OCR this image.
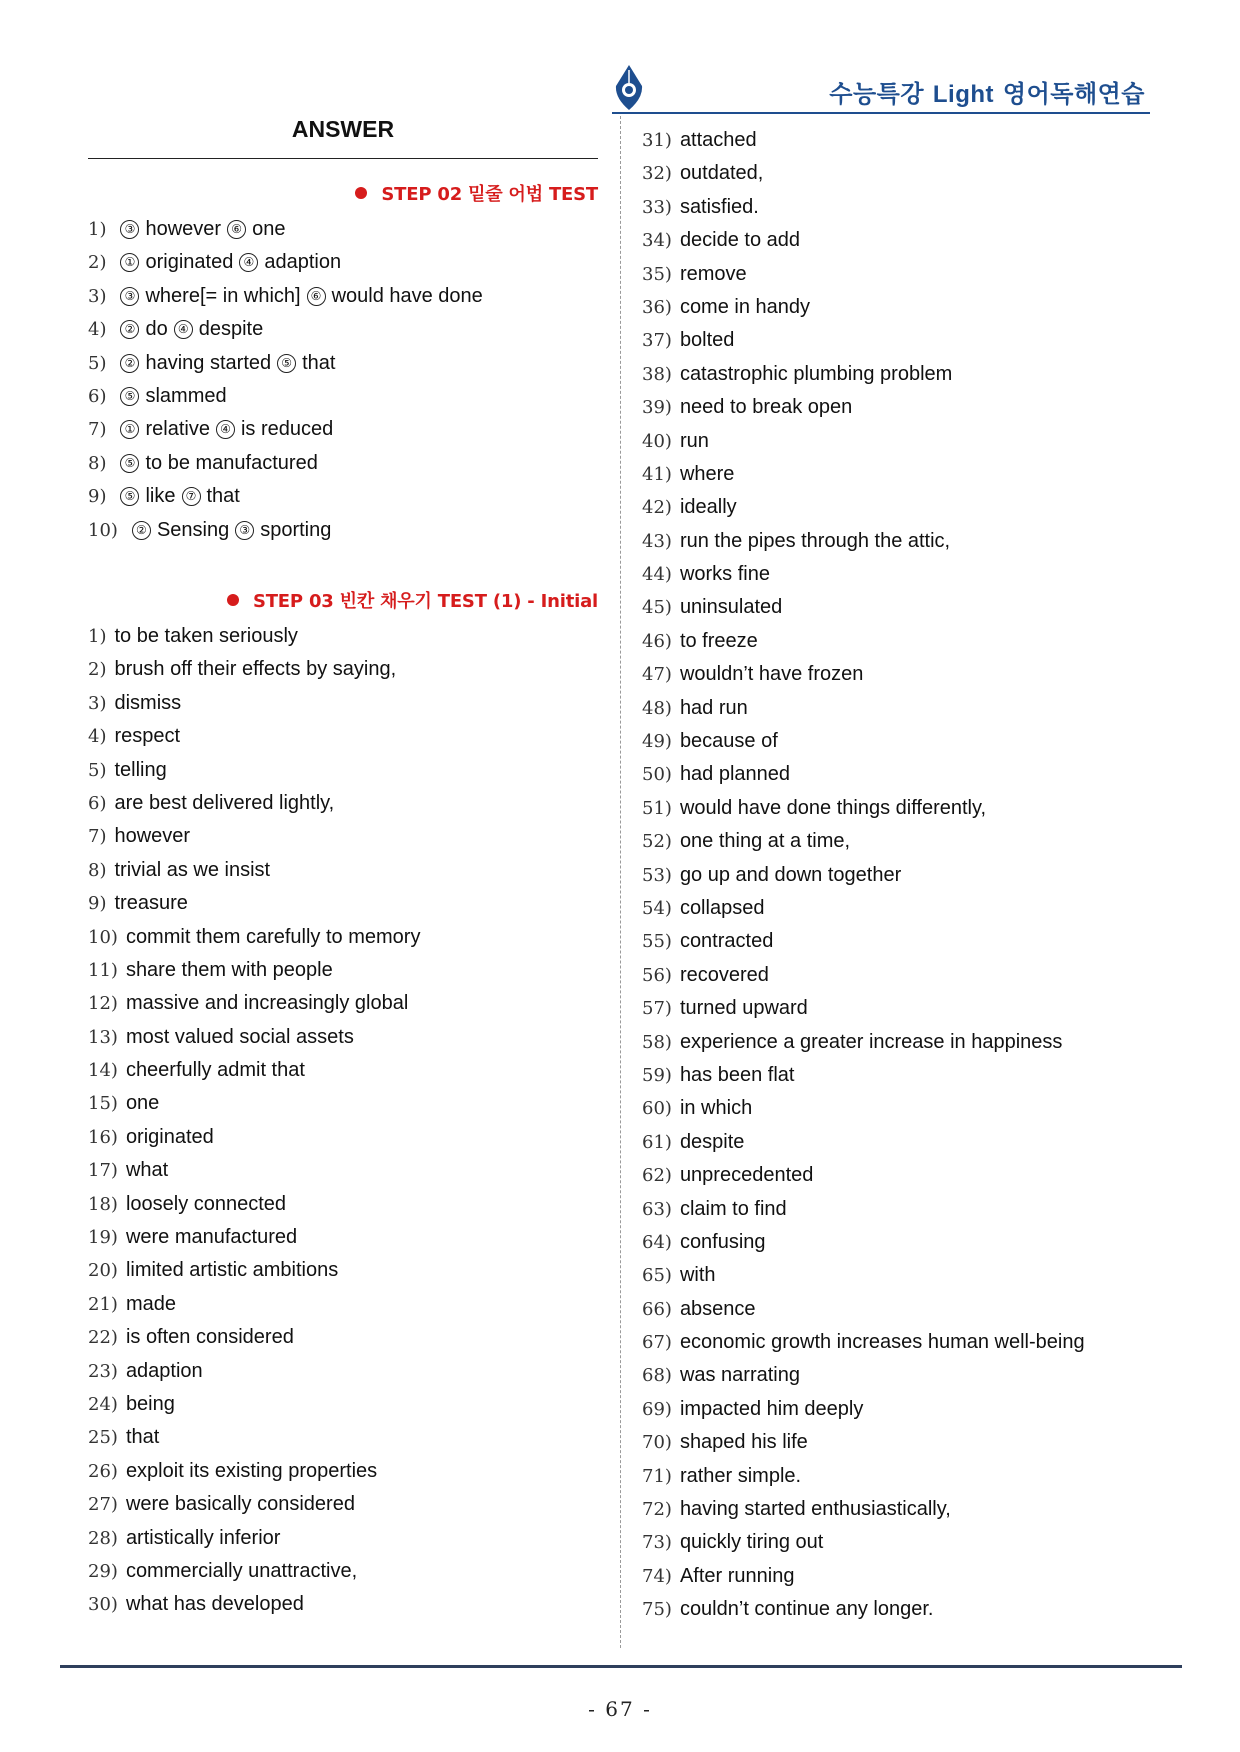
수능특강 Light 영어독해연습
ANSWER
STEP 02 밑줄 어법 TEST
1) ③ however ⑥ one
2) ① originated ④ adaption
3) ③ where[= in which] ⑥ would have done
4) ② do ④ despite
5) ② having started ⑤ that
6) ⑤ slammed
7) ① relative ④ is reduced
8) ⑤ to be manufactured
9) ⑤ like ⑦ that
10) ② Sensing ③ sporting
STEP 03 빈칸 채우기 TEST (1) - Initial
1) to be taken seriously
2) brush off their effects by saying,
3) dismiss
4) respect
5) telling
6) are best delivered lightly,
7) however
8) trivial as we insist
9) treasure
10) commit them carefully to memory
11) share them with people
12) massive and increasingly global
13) most valued social assets
14) cheerfully admit that
15) one
16) originated
17) what
18) loosely connected
19) were manufactured
20) limited artistic ambitions
21) made
22) is often considered
23) adaption
24) being
25) that
26) exploit its existing properties
27) were basically considered
28) artistically inferior
29) commercially unattractive,
30) what has developed
31) attached
32) outdated,
33) satisfied.
34) decide to add
35) remove
36) come in handy
37) bolted
38) catastrophic plumbing problem
39) need to break open
40) run
41) where
42) ideally
43) run the pipes through the attic,
44) works fine
45) uninsulated
46) to freeze
47) wouldn’t have frozen
48) had run
49) because of
50) had planned
51) would have done things differently,
52) one thing at a time,
53) go up and down together
54) collapsed
55) contracted
56) recovered
57) turned upward
58) experience a greater increase in happiness
59) has been flat
60) in which
61) despite
62) unprecedented
63) claim to find
64) confusing
65) with
66) absence
67) economic growth increases human well-being
68) was narrating
69) impacted him deeply
70) shaped his life
71) rather simple.
72) having started enthusiastically,
73) quickly tiring out
74) After running
75) couldn’t continue any longer.
- 67 -
